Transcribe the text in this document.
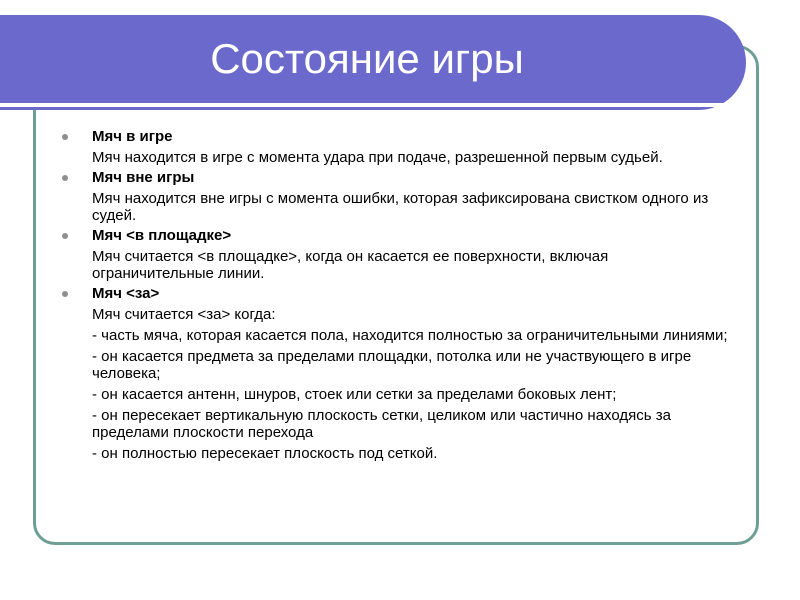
Состояние игры
Мяч в игре
Мяч находится в игре с момента удара при подаче, разрешенной первым судьей.
Мяч вне игры
Мяч находится вне игры с момента ошибки, которая зафиксирована свистком одного из судей.
Мяч <в площадке>
Мяч считается <в площадке>, когда он касается ее поверхности, включая ограничительные линии.
Мяч <за>
Мяч считается <за> когда:
- часть мяча, которая касается пола, находится полностью за ограничительными линиями;
- он касается предмета за пределами площадки, потолка или не участвующего в игре человека;
- он касается антенн, шнуров, стоек или сетки за пределами боковых лент;
- он пересекает вертикальную плоскость сетки, целиком или частично находясь за пределами плоскости перехода
- он полностью пересекает плоскость под сеткой.
